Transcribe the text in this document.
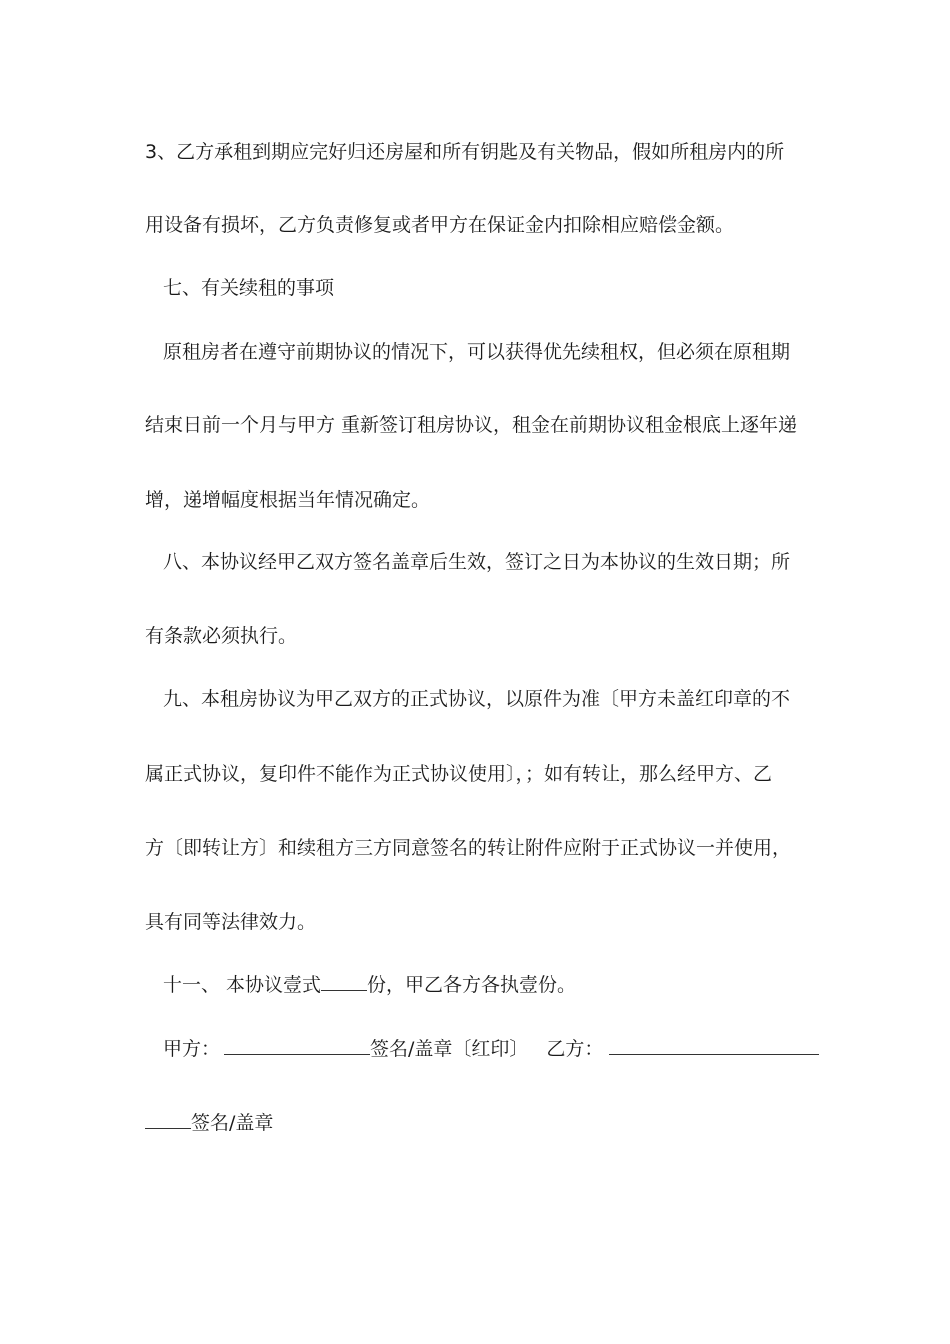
3、乙方承租到期应完好归还房屋和所有钥匙及有关物品，假如所租房内的所
用设备有损坏，乙方负责修复或者甲方在保证金内扣除相应赔偿金额。
七、有关续租的事项
原租房者在遵守前期协议的情况下，可以获得优先续租权，但必须在原租期
结束日前一个月与甲方 重新签订租房协议，租金在前期协议租金根底上逐年递
增，递增幅度根据当年情况确定。
八、本协议经甲乙双方签名盖章后生效，签订之日为本协议的生效日期；所
有条款必须执行。
九、本租房协议为甲乙双方的正式协议，以原件为准〔甲方未盖红印章的不
属正式协议，复印件不能作为正式协议使用〕，；如有转让，那么经甲方、乙
方〔即转让方〕和续租方三方同意签名的转让附件应附于正式协议一并使用，
具有同等法律效力。
十一、 本协议壹式 份，甲乙各方各执壹份。
甲方：	签名/盖章〔红印〕 乙方：
签名/盖章
